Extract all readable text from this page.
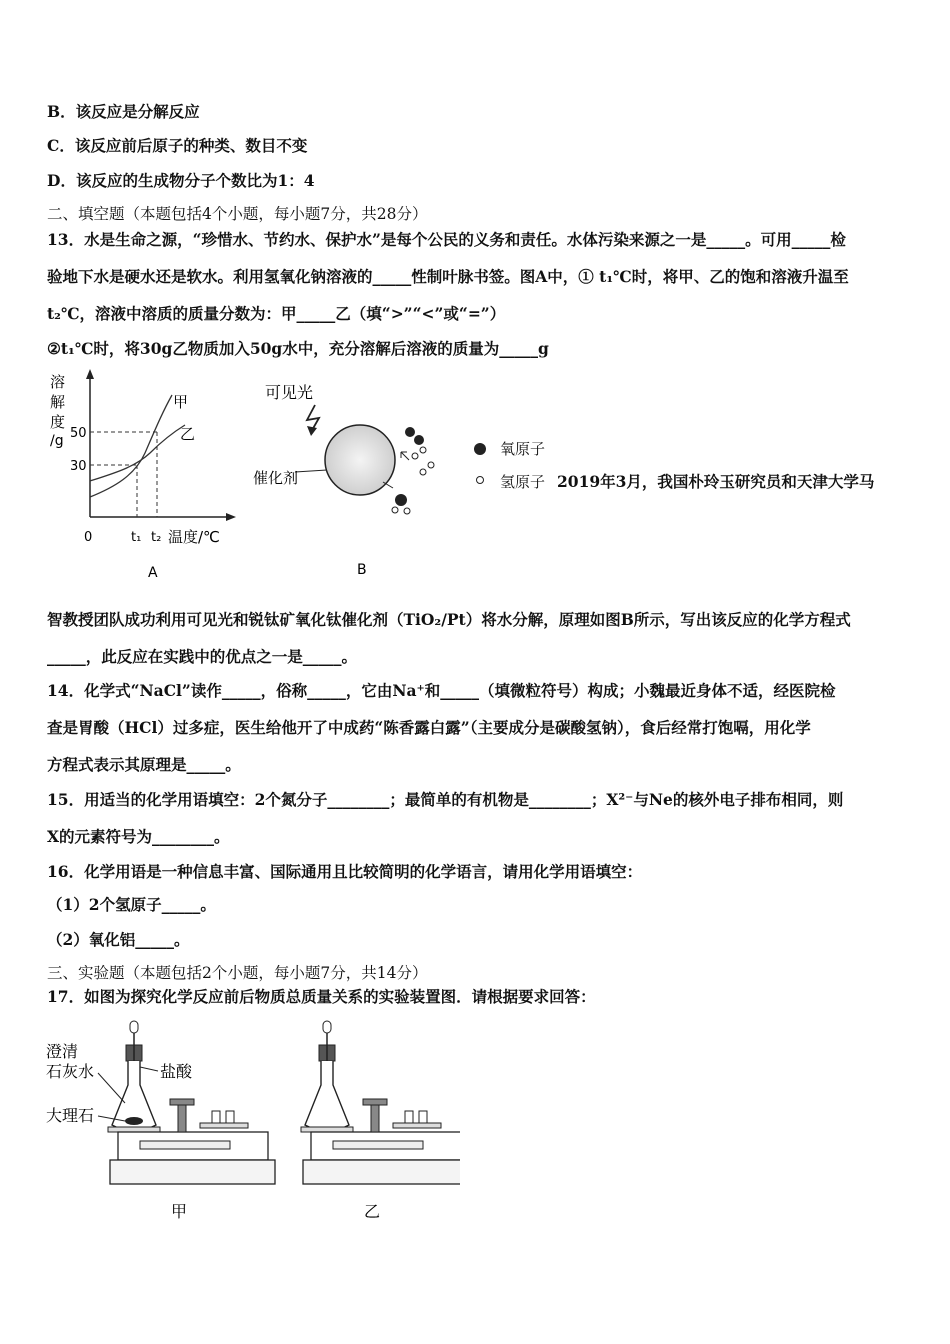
B．该反应是分解反应
C．该反应前后原子的种类、数目不变
D．该反应的生成物分子个数比为1：4
二、填空题（本题包括4个小题，每小题7分，共28分）
13．水是生命之源，“珍惜水、节约水、保护水”是每个公民的义务和责任。水体污染来源之一是_____。可用_____检
验地下水是硬水还是软水。利用氢氧化钠溶液的_____性制叶脉书签。图A中，① t₁℃时，将甲、乙的饱和溶液升温至
t₂℃，溶液中溶质的质量分数为：甲_____乙（填“>”“<”或“=”）
②t₁℃时，将30g乙物质加入50g水中，充分溶解后溶液的质量为_____g
溶
解
度
/g 50
30
0	t₁ t₂ 温度/℃
甲
乙
A
可见光
催化剂
B
氧原子
氢原子 2019年3月，我国朴玲玉研究员和天津大学马
智教授团队成功利用可见光和锐钛矿氧化钛催化剂（TiO₂/Pt）将水分解，原理如图B所示，写出该反应的化学方程式
_____，此反应在实践中的优点之一是_____。
14．化学式“NaCl”读作_____，俗称_____，它由Na⁺和_____（填微粒符号）构成；小魏最近身体不适，经医院检
查是胃酸（HCl）过多症，医生给他开了中成药“陈香露白露”（主要成分是碳酸氢钠），食后经常打饱嗝，用化学
方程式表示其原理是_____。
15．用适当的化学用语填空：2个氮分子________；最简单的有机物是________；X²⁻与Ne的核外电子排布相同，则
X的元素符号为________。
16．化学用语是一种信息丰富、国际通用且比较简明的化学语言，请用化学用语填空：
（1）2个氢原子_____。
（2）氧化铝_____。
三、实验题（本题包括2个小题，每小题7分，共14分）
17．如图为探究化学反应前后物质总质量关系的实验装置图．请根据要求回答：
澄清
石灰水	盐酸
大理石
甲	乙
